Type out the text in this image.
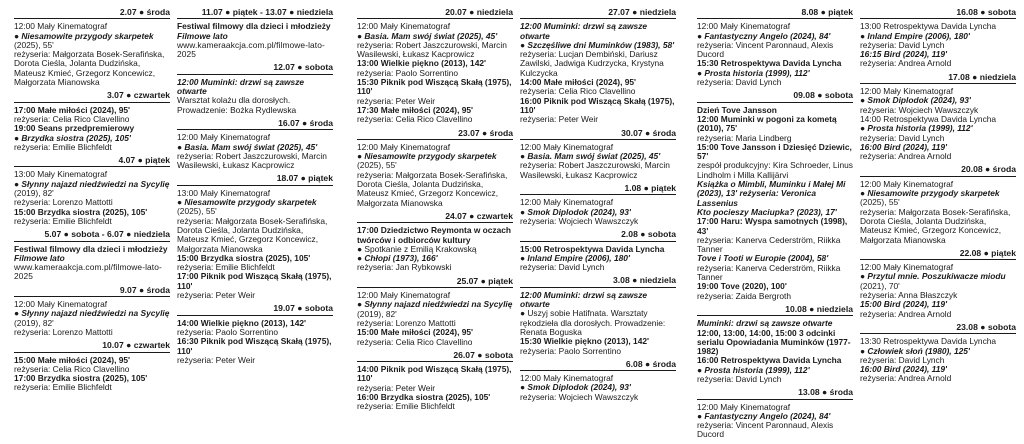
2.07 ● środa
12:00 Mały Kinematograf
● Niesamowite przygody skarpetek
(2025), 55'
reżyseria: Małgorzata Bosek-Serafińska, Dorota Cieśla, Jolanta Dudzińska, Mateusz Kmieć, Grzegorz Koncewicz, Małgorzata Mianowska
3.07 ● czwartek
17:00 Małe miłości (2024), 95'
reżyseria: Celia Rico Clavellino
19:00 Seans przedpremierowy
● Brzydka siostra (2025), 105'
reżyseria: Emilie Blichfeldt
4.07 ● piątek
13:00 Mały Kinematograf
● Słynny najazd niedźwiedzi na Sycylię
(2019), 82'
reżyseria: Lorenzo Mattotti
15:00 Brzydka siostra (2025), 105'
reżyseria: Emilie Blichfeldt
5.07 ● sobota - 6.07 ● niedziela
Festiwal filmowy dla dzieci i młodzieży
Filmowe lato
www.kameraakcja.com.pl/filmowe-lato-2025
9.07 ● środa
12:00 Mały Kinematograf
● Słynny najazd niedźwiedzi na Sycylię
(2019), 82'
reżyseria: Lorenzo Mattotti
10.07 ● czwartek
15:00 Małe miłości (2024), 95'
reżyseria: Celia Rico Clavellino
17:00 Brzydka siostra (2025), 105'
reżyseria: Emilie Blichfeldt
11.07 ● piątek - 13.07 ● niedziela
Festiwal filmowy dla dzieci i młodzieży
Filmowe lato
www.kameraakcja.com.pl/filmowe-lato-2025
12.07 ● sobota
12:00 Muminki: drzwi są zawsze otwarte
Warsztat kolażu dla dorosłych.
Prowadzenie: Bożka Rydlewska
16.07 ● środa
12:00 Mały Kinematograf
● Basia. Mam swój świat (2025), 45'
reżyseria: Robert Jaszczurowski, Marcin Wasilewski, Łukasz Kacprowicz
18.07 ● piątek
13:00 Mały Kinematograf
● Niesamowite przygody skarpetek
(2025), 55'
reżyseria: Małgorzata Bosek-Serafińska, Dorota Cieśla, Jolanta Dudzińska, Mateusz Kmieć, Grzegorz Koncewicz, Małgorzata Mianowska
15:00 Brzydka siostra (2025), 105'
reżyseria: Emilie Blichfeldt
17:00 Piknik pod Wiszącą Skałą (1975), 110'
reżyseria: Peter Weir
19.07 ● sobota
14:00 Wielkie piękno (2013), 142'
reżyseria: Paolo Sorrentino
16:30 Piknik pod Wiszącą Skałą (1975), 110'
reżyseria: Peter Weir
20.07 ● niedziela
12:00 Mały Kinematograf
● Basia. Mam swój świat (2025), 45'
reżyseria: Robert Jaszczurowski, Marcin Wasilewski, Łukasz Kacprowicz
13:00 Wielkie piękno (2013), 142'
reżyseria: Paolo Sorrentino
15:30 Piknik pod Wiszącą Skałą (1975), 110'
reżyseria: Peter Weir
17:30 Małe miłości (2024), 95'
reżyseria: Celia Rico Clavellino
23.07 ● środa
12:00 Mały Kinematograf
● Niesamowite przygody skarpetek
(2025), 55'
reżyseria: Małgorzata Bosek-Serafińska, Dorota Cieśla, Jolanta Dudzińska, Mateusz Kmieć, Grzegorz Koncewicz, Małgorzata Mianowska
24.07 ● czwartek
17:00 Dziedzictwo Reymonta w oczach twórców i odbiorców kultury
● Spotkanie z Emilią Krakowską
● Chłopi (1973), 166'
reżyseria: Jan Rybkowski
25.07 ● piątek
12:00 Mały Kinematograf
● Słynny najazd niedźwiedzi na Sycylię
(2019), 82'
reżyseria: Lorenzo Mattotti
15:00 Małe miłości (2024), 95'
reżyseria: Celia Rico Clavellino
26.07 ● sobota
14:00 Piknik pod Wiszącą Skałą (1975), 110'
reżyseria: Peter Weir
16:00 Brzydka siostra (2025), 105'
reżyseria: Emilie Blichfeldt
27.07 ● niedziela
12:00 Muminki: drzwi są zawsze otwarte
● Szczęśliwe dni Muminków (1983), 58'
reżyseria: Lucjan Dembiński, Dariusz Zawilski, Jadwiga Kudrzycka, Krystyna Kulczycka
14:00 Małe miłości (2024), 95'
reżyseria: Celia Rico Clavellino
16:00 Piknik pod Wiszącą Skałą (1975), 110'
reżyseria: Peter Weir
30.07 ● środa
12:00 Mały Kinematograf
● Basia. Mam swój świat (2025), 45'
reżyseria: Robert Jaszczurowski, Marcin Wasilewski, Łukasz Kacprowicz
1.08 ● piątek
12:00 Mały Kinematograf
● Smok Diplodok (2024), 93'
reżyseria: Wojciech Wawszczyk
2.08 ● sobota
15:00 Retrospektywa Davida Lyncha
● Inland Empire (2006), 180'
reżyseria: David Lynch
3.08 ● niedziela
12:00 Muminki: drzwi są zawsze otwarte
● Uszyj sobie Hatifnata. Warsztaty rękodzieła dla dorosłych. Prowadzenie: Renata Boguska
15:30 Wielkie piękno (2013), 142'
reżyseria: Paolo Sorrentino
6.08 ● środa
12:00 Mały Kinematograf
● Smok Diplodok (2024), 93'
reżyseria: Wojciech Wawszczyk
8.08 ● piątek
12:00 Mały Kinematograf
● Fantastyczny Angelo (2024), 84'
reżyseria: Vincent Paronnaud, Alexis Ducord
15:30 Retrospektywa Davida Lyncha
● Prosta historia (1999), 112'
reżyseria: David Lynch
09.08 ● sobota
Dzień Tove Jansson
12:00 Muminki w pogoni za kometą (2010), 75'
reżyseria: Maria Lindberg
15:00 Tove Jansson i Dziesięć Dziewic, 57'
zespół produkcyjny: Kira Schroeder, Linus Lindholm i Milla Kallijärvi
Książka o Mimbli, Muminku i Małej Mi (2023), 13' reżyseria: Veronica Lassenius
Kto pocieszy Maciupka? (2023), 17'
17:00 Haru: Wyspa samotnych (1998), 43'
reżyseria: Kanerva Cederström, Riikka Tanner
Tove i Tooti w Europie (2004), 58'
reżyseria: Kanerva Cederström, Riikka Tanner
19:00 Tove (2020), 100'
reżyseria: Zaida Bergroth
10.08 ● niedziela
Muminki: drzwi są zawsze otwarte
12:00, 13:00, 14:00, 15:00 3 odcinki serialu Opowiadania Muminków (1977-1982)
16:00 Retrospektywa Davida Lyncha
● Prosta historia (1999), 112'
reżyseria: David Lynch
13.08 ● środa
12:00 Mały Kinematograf
● Fantastyczny Angelo (2024), 84'
reżyseria: Vincent Paronnaud, Alexis Ducord
16.08 ● sobota
13:00 Retrospektywa Davida Lyncha
● Inland Empire (2006), 180'
reżyseria: David Lynch
16:15 Bird (2024), 119'
reżyseria: Andrea Arnold
17.08 ● niedziela
12:00 Mały Kinematograf
● Smok Diplodok (2024), 93'
reżyseria: Wojciech Wawszczyk
14:00 Retrospektywa Davida Lyncha
● Prosta historia (1999), 112'
reżyseria: David Lynch
16:00 Bird (2024), 119'
reżyseria: Andrea Arnold
20.08 ● środa
12:00 Mały Kinematograf
● Niesamowite przygody skarpetek
(2025), 55'
reżyseria: Małgorzata Bosek-Serafińska, Dorota Cieśla, Jolanta Dudzińska, Mateusz Kmieć, Grzegorz Koncewicz, Małgorzata Mianowska
22.08 ● piątek
12:00 Mały Kinematograf
● Przytul mnie. Poszukiwacze miodu
(2021), 70'
reżyseria: Anna Błaszczyk
15:00 Bird (2024), 119'
reżyseria: Andrea Arnold
23.08 ● sobota
13:30 Retrospektywa Davida Lyncha
● Człowiek słoń (1980), 125'
reżyseria: David Lynch
16:00 Bird (2024), 119'
reżyseria: Andrea Arnold
